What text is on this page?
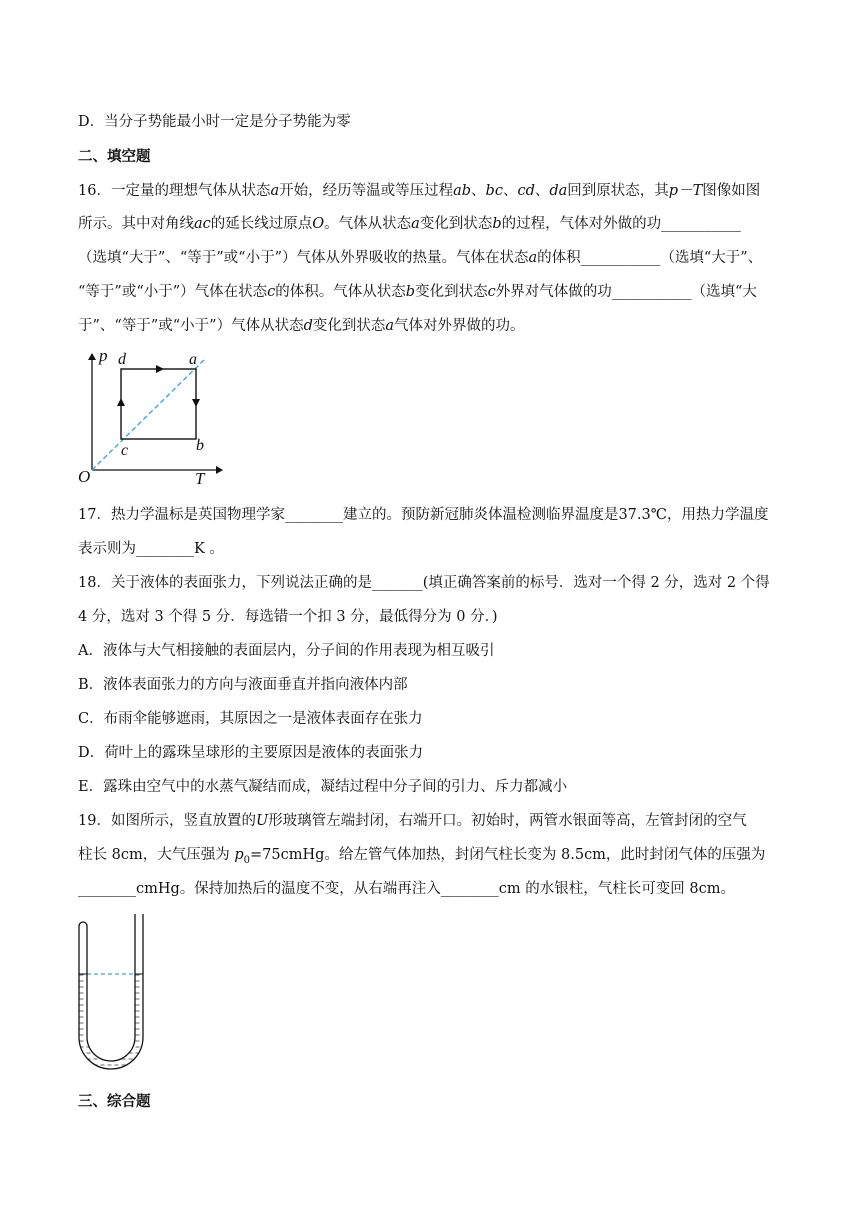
D．当分子势能最小时一定是分子势能为零
二、填空题
16．一定量的理想气体从状态a开始，经历等温或等压过程ab、bc、cd、da回到原状态，其p－T图像如图
所示。其中对角线ac的延长线过原点O。气体从状态a变化到状态b的过程，气体对外做的功___________
（选填“大于”、“等于”或“小于”）气体从外界吸收的热量。气体在状态a的体积___________（选填“大于”、
“等于”或“小于”）气体在状态c的体积。气体从状态b变化到状态c外界对气体做的功___________（选填“大
于”、“等于”或“小于”）气体从状态d变化到状态a气体对外界做的功。
p d	a
c	b
O	T
17．热力学温标是英国物理学家________建立的。预防新冠肺炎体温检测临界温度是37.3℃，用热力学温度
表示则为________K 。
18．关于液体的表面张力，下列说法正确的是_______(填正确答案前的标号．选对一个得 2 分，选对 2 个得
4 分，选对 3 个得 5 分．每选错一个扣 3 分，最低得分为 0 分．)
A．液体与大气相接触的表面层内，分子间的作用表现为相互吸引
B．液体表面张力的方向与液面垂直并指向液体内部
C．布雨伞能够遮雨，其原因之一是液体表面存在张力
D．荷叶上的露珠呈球形的主要原因是液体的表面张力
E．露珠由空气中的水蒸气凝结而成，凝结过程中分子间的引力、斥力都减小
19．如图所示，竖直放置的U形玻璃管左端封闭，右端开口。初始时，两管水银面等高，左管封闭的空气
柱长 8cm，大气压强为 $p_0=75cmHg$。给左管气体加热，封闭气柱长变为 8.5cm，此时封闭气体的压强为
________cmHg。保持加热后的温度不变，从右端再注入________cm 的水银柱，气柱长可变回 8cm。
三、综合题
